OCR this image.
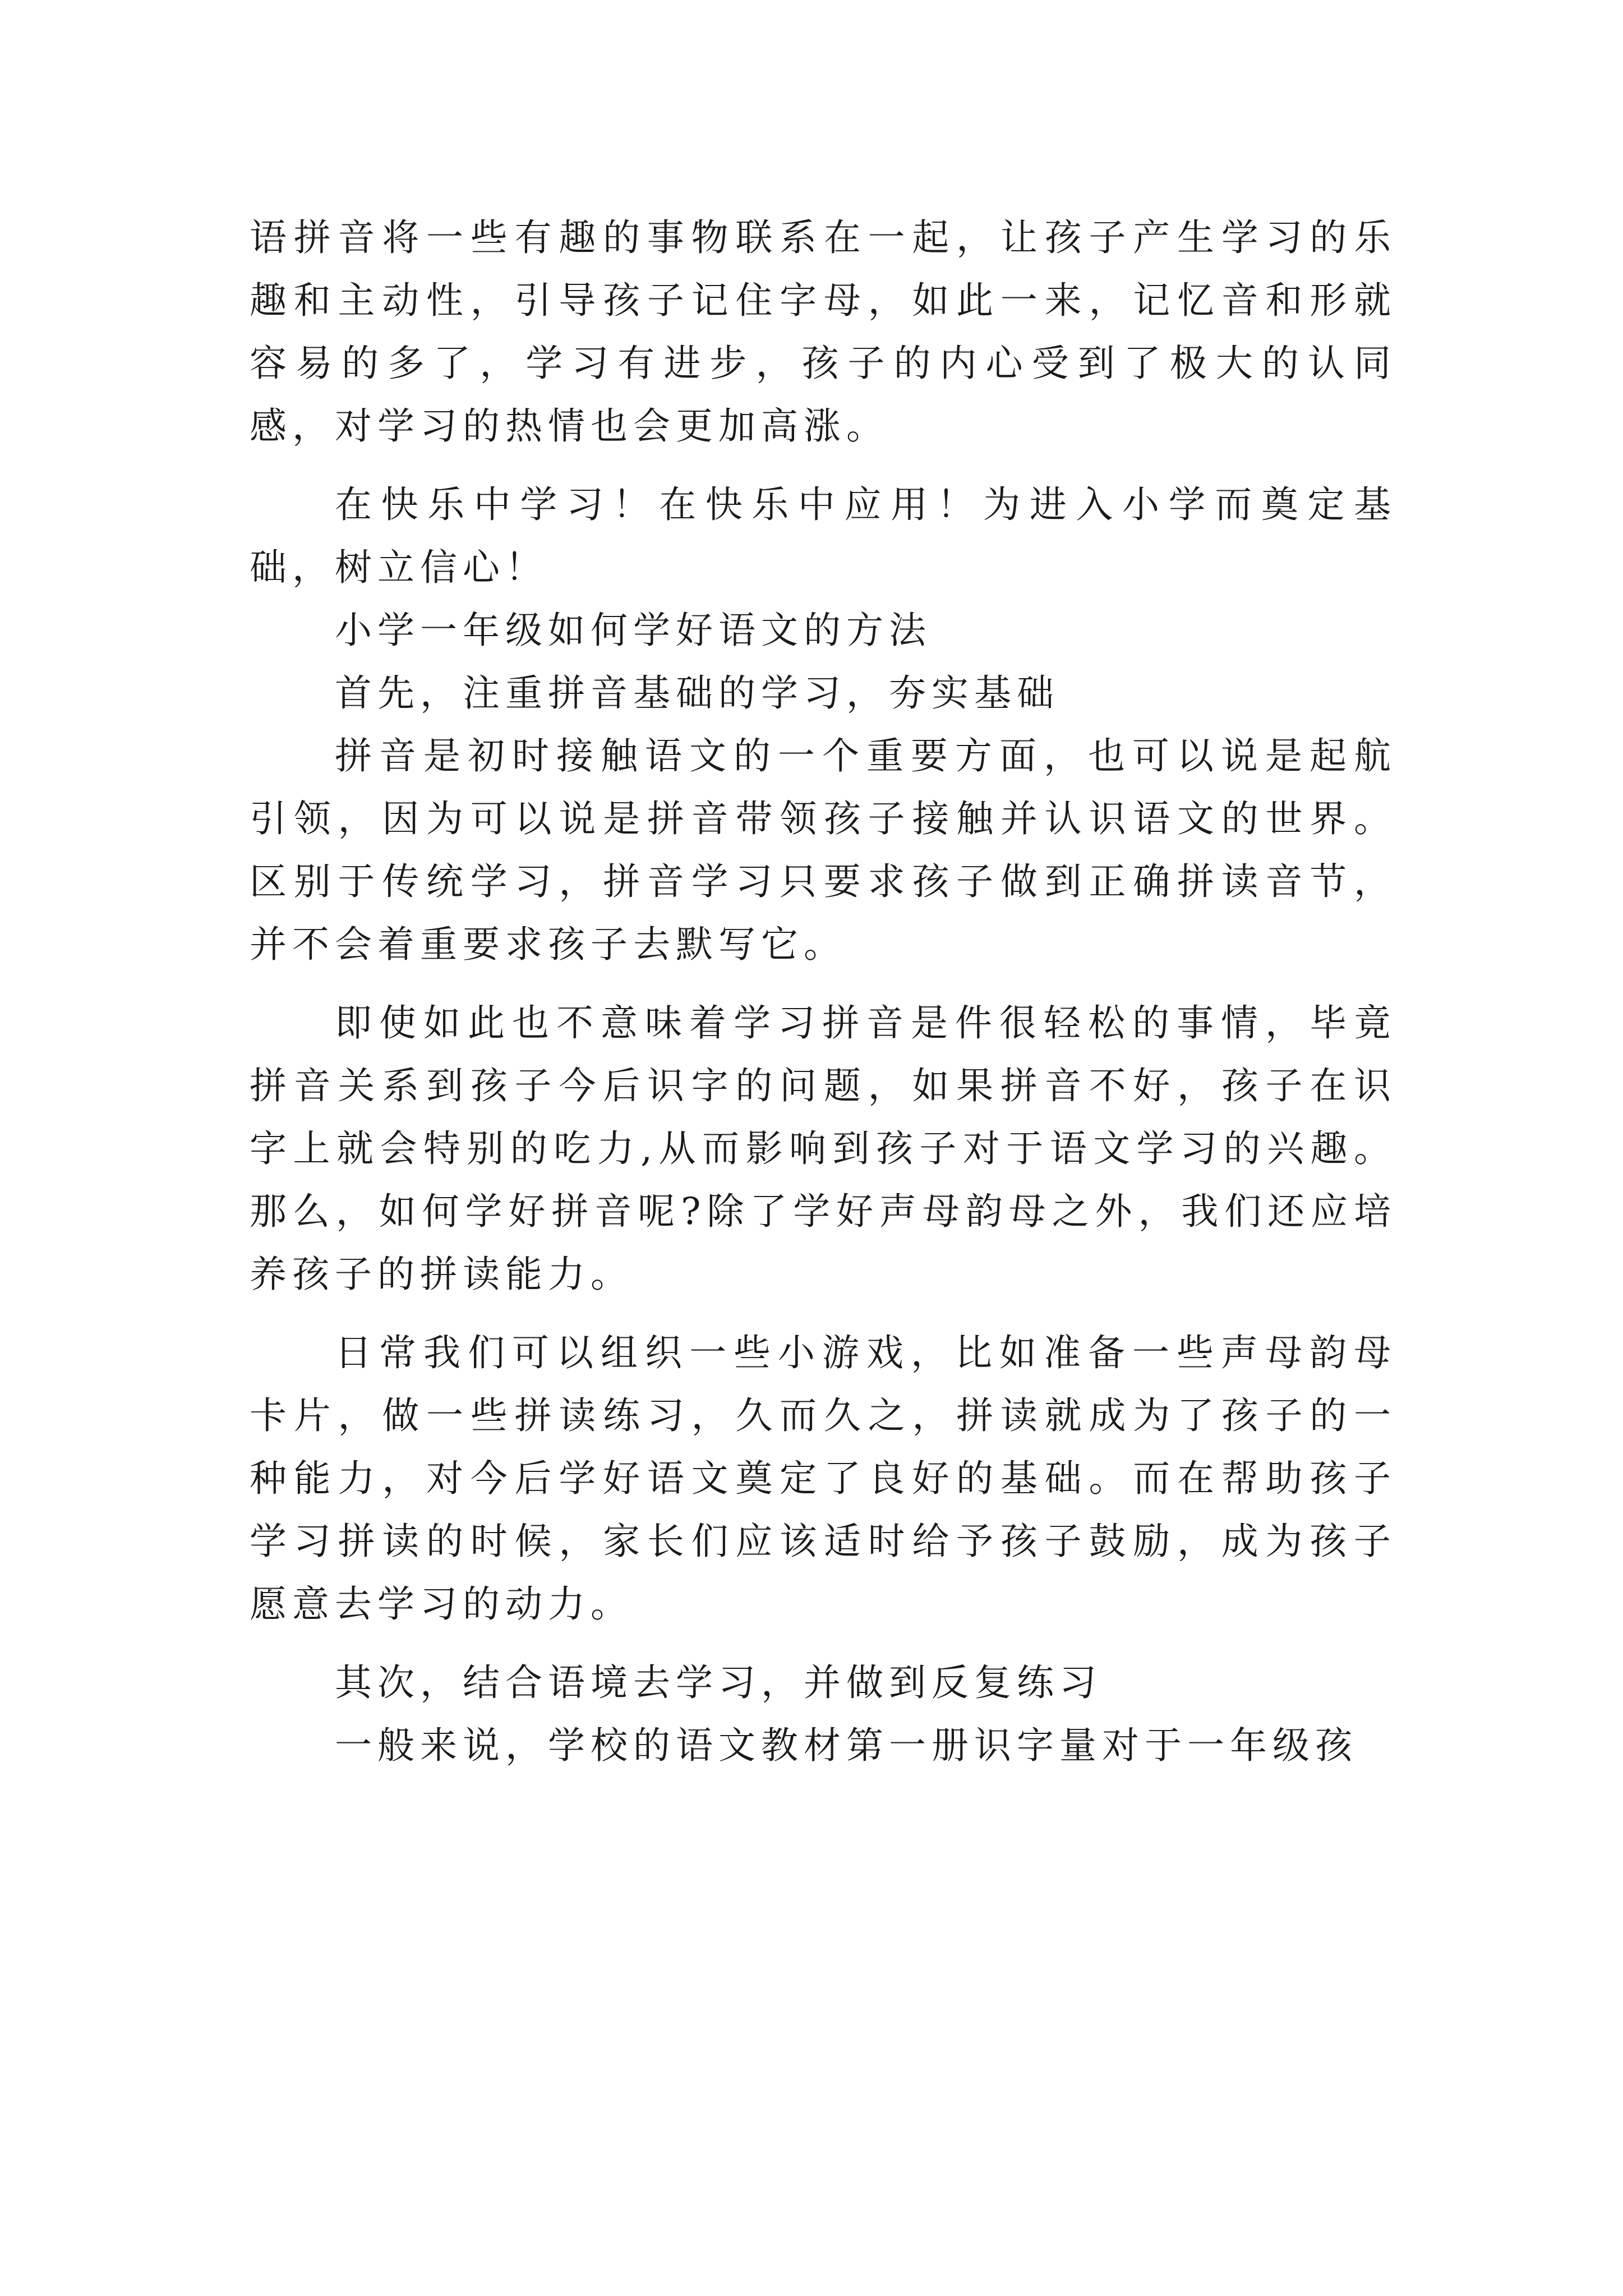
语拼音将一些有趣的事物联系在一起，让孩子产生学习的乐趣和主动性，引导孩子记住字母，如此一来，记忆音和形就容易的多了，学习有进步，孩子的内心受到了极大的认同感，对学习的热情也会更加高涨。

在快乐中学习！在快乐中应用！为进入小学而奠定基础，树立信心！

小学一年级如何学好语文的方法

首先，注重拼音基础的学习，夯实基础

拼音是初时接触语文的一个重要方面，也可以说是起航引领，因为可以说是拼音带领孩子接触并认识语文的世界。区别于传统学习，拼音学习只要求孩子做到正确拼读音节，并不会着重要求孩子去默写它。

即使如此也不意味着学习拼音是件很轻松的事情，毕竟拼音关系到孩子今后识字的问题，如果拼音不好，孩子在识字上就会特别的吃力,从而影响到孩子对于语文学习的兴趣。那么，如何学好拼音呢?除了学好声母韵母之外，我们还应培养孩子的拼读能力。

日常我们可以组织一些小游戏，比如准备一些声母韵母卡片，做一些拼读练习，久而久之，拼读就成为了孩子的一种能力，对今后学好语文奠定了良好的基础。而在帮助孩子学习拼读的时候，家长们应该适时给予孩子鼓励，成为孩子愿意去学习的动力。

其次，结合语境去学习，并做到反复练习

一般来说，学校的语文教材第一册识字量对于一年级孩
